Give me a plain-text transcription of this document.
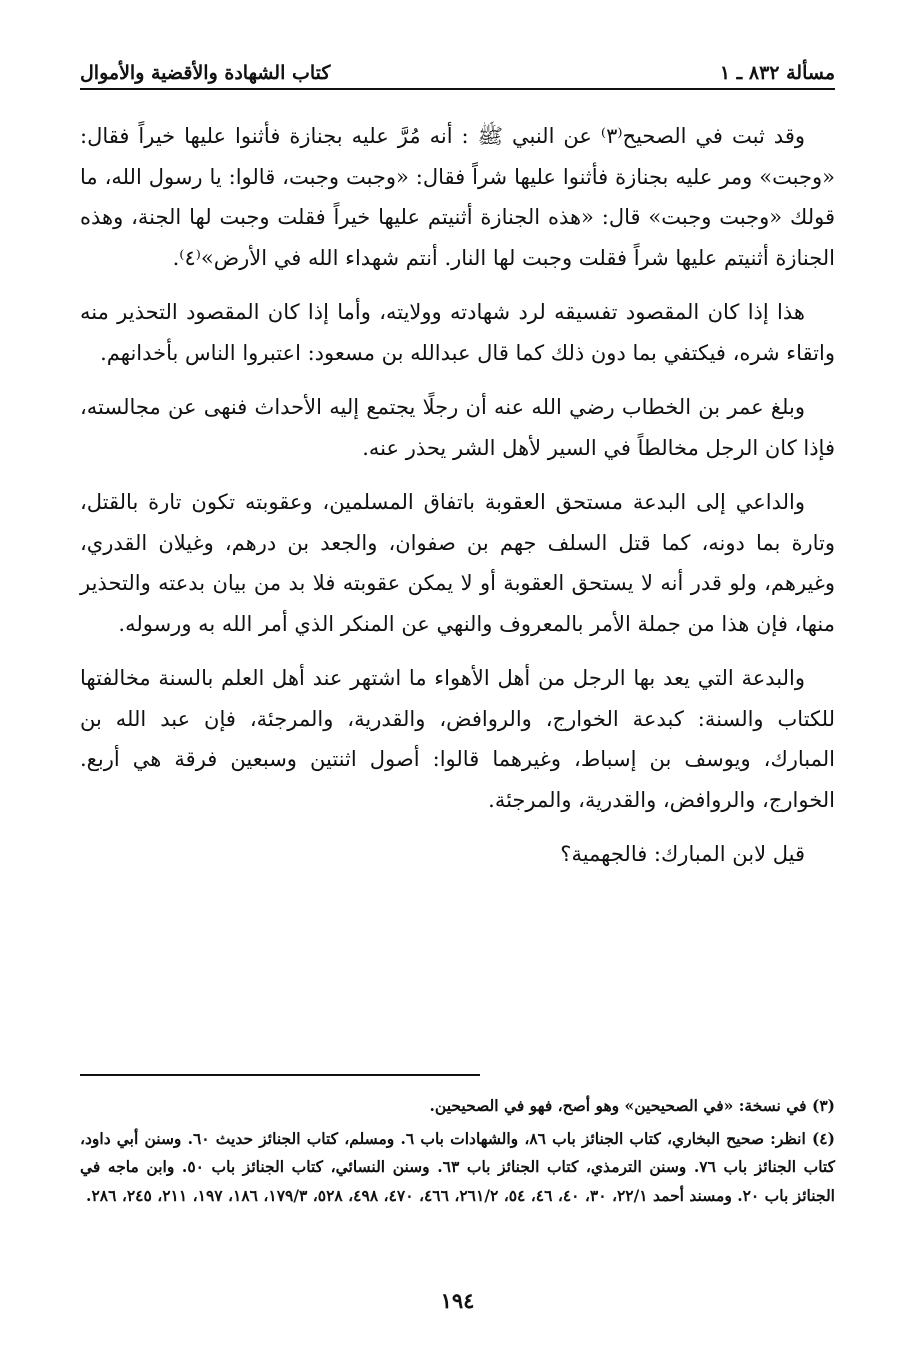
مسألة ٨٣٢ ـ ١
كتاب الشهادة والأقضية والأموال

وقد ثبت في الصحيح⁽٣⁾ عن النبي ﷺ : أنه مُرَّ عليه بجنازة فأثنوا عليها خيراً فقال: «وجبت» ومر عليه بجنازة فأثنوا عليها شراً فقال: «وجبت وجبت، قالوا: يا رسول الله، ما قولك «وجبت وجبت» قال: «هذه الجنازة أثنيتم عليها خيراً فقلت وجبت لها الجنة، وهذه الجنازة أثنيتم عليها شراً فقلت وجبت لها النار. أنتم شهداء الله في الأرض»⁽٤⁾.

هذا إذا كان المقصود تفسيقه لرد شهادته وولايته، وأما إذا كان المقصود التحذير منه واتقاء شره، فيكتفي بما دون ذلك كما قال عبدالله بن مسعود: اعتبروا الناس بأخدانهم.

وبلغ عمر بن الخطاب رضي الله عنه أن رجلًا يجتمع إليه الأحداث فنهى عن مجالسته، فإذا كان الرجل مخالطاً في السير لأهل الشر يحذر عنه.

والداعي إلى البدعة مستحق العقوبة باتفاق المسلمين، وعقوبته تكون تارة بالقتل، وتارة بما دونه، كما قتل السلف جهم بن صفوان، والجعد بن درهم، وغيلان القدري، وغيرهم، ولو قدر أنه لا يستحق العقوبة أو لا يمكن عقوبته فلا بد من بيان بدعته والتحذير منها، فإن هذا من جملة الأمر بالمعروف والنهي عن المنكر الذي أمر الله به ورسوله.

والبدعة التي يعد بها الرجل من أهل الأهواء ما اشتهر عند أهل العلم بالسنة مخالفتها للكتاب والسنة: كبدعة الخوارج، والروافض، والقدرية، والمرجئة، فإن عبد الله بن المبارك، ويوسف بن إسباط، وغيرهما قالوا: أصول اثنتين وسبعين فرقة هي أربع. الخوارج، والروافض، والقدرية، والمرجئة.

قيل لابن المبارك: فالجهمية؟

(٣) في نسخة: «في الصحيحين» وهو أصح، فهو في الصحيحين.

(٤) انظر: صحيح البخاري، كتاب الجنائز باب ٨٦، والشهادات باب ٦. ومسلم، كتاب الجنائز حديث ٦٠. وسنن أبي داود، كتاب الجنائز باب ٧٦. وسنن الترمذي، كتاب الجنائز باب ٦٣. وسنن النسائي، كتاب الجنائز باب ٥٠. وابن ماجه في الجنائز باب ٢٠. ومسند أحمد ٢٢/١، ٣٠، ٤٠، ٤٦، ٥٤، ٢٦١/٢، ٤٦٦، ٤٧٠، ٤٩٨، ٥٢٨، ١٧٩/٣، ١٨٦، ١٩٧، ٢١١، ٢٤٥، ٢٨٦.

١٩٤
